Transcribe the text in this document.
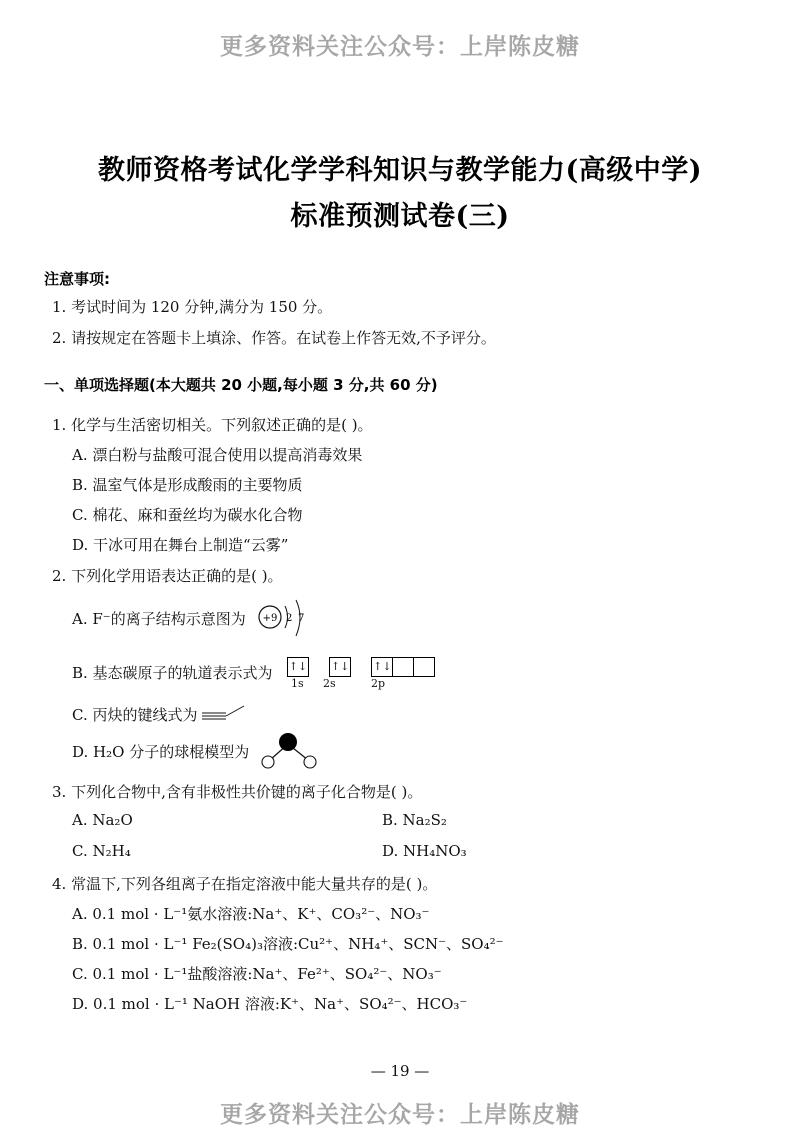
更多资料关注公众号：上岸陈皮糖
教师资格考试化学学科知识与教学能力(高级中学)
标准预测试卷(三)
注意事项:
1. 考试时间为 120 分钟,满分为 150 分。
2. 请按规定在答题卡上填涂、作答。在试卷上作答无效,不予评分。
一、单项选择题(本大题共 20 小题,每小题 3 分,共 60 分)
1. 化学与生活密切相关。下列叙述正确的是( )。
A. 漂白粉与盐酸可混合使用以提高消毒效果
B. 温室气体是形成酸雨的主要物质
C. 棉花、麻和蚕丝均为碳水化合物
D. 干冰可用在舞台上制造“云雾”
2. 下列化学用语表达正确的是( )。
A. F⁻的离子结构示意图为 +9 2 7
B. 基态碳原子的轨道表示式为 ↑↓ ↑↓ ↑↓
1s 2s	2p
C. 丙炔的键线式为
D. H₂O 分子的球棍模型为
3. 下列化合物中,含有非极性共价键的离子化合物是( )。
A. Na₂O	B. Na₂S₂
C. N₂H₄	D. NH₄NO₃
4. 常温下,下列各组离子在指定溶液中能大量共存的是( )。
A. 0.1 mol · L⁻¹氨水溶液:Na⁺、K⁺、CO₃²⁻、NO₃⁻
B. 0.1 mol · L⁻¹ Fe₂(SO₄)₃溶液:Cu²⁺、NH₄⁺、SCN⁻、SO₄²⁻
C. 0.1 mol · L⁻¹盐酸溶液:Na⁺、Fe²⁺、SO₄²⁻、NO₃⁻
D. 0.1 mol · L⁻¹ NaOH 溶液:K⁺、Na⁺、SO₄²⁻、HCO₃⁻
— 19 —
更多资料关注公众号：上岸陈皮糖
